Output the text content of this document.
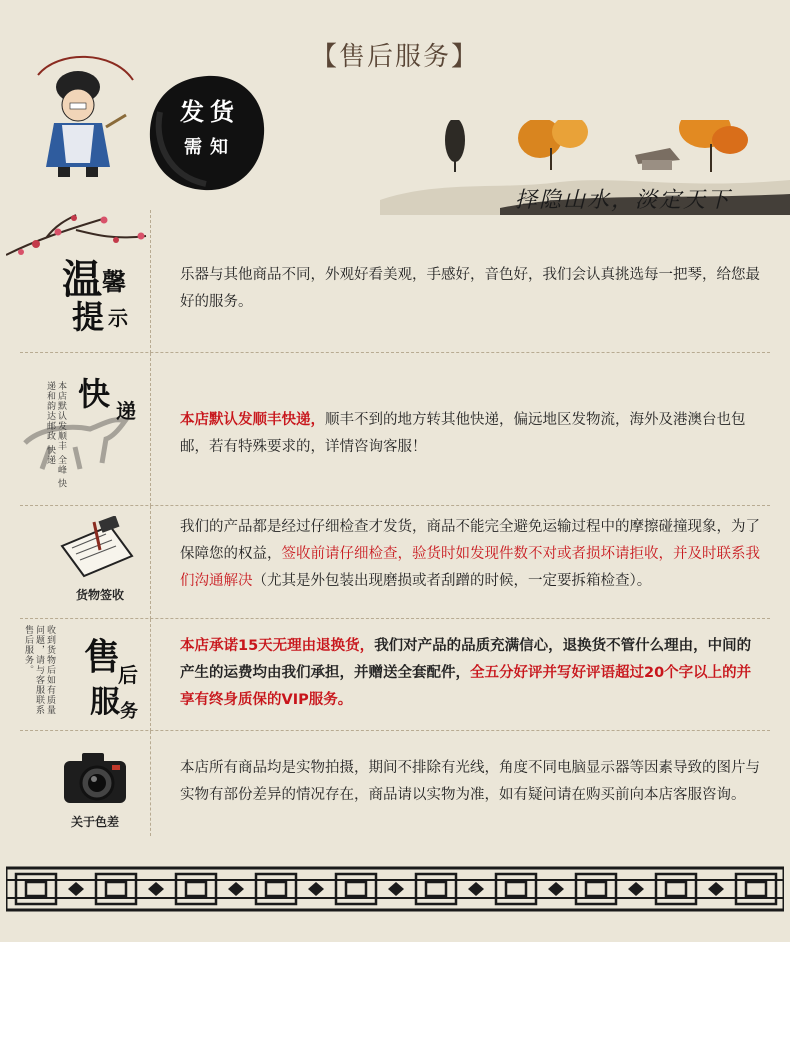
【售后服务】
发货
需知
择隐山水，淡定天下
温 馨
提 示

乐器与其他商品不同，外观好看美观，手感好，音色好，我们会认真挑选每一把琴，给您最好的服务。

快 递
本店默认发顺丰 全峰 快递和韵达邮政 快递	本店默认发顺丰快递，顺丰不到的地方转其他快递，偏远地区发物流，海外及港澳台也包邮，若有特殊要求的，详情咨询客服！

货物签收

我们的产品都是经过仔细检查才发货，商品不能完全避免运输过程中的摩擦碰撞现象，为了保障您的权益，签收前请仔细检查，验货时如发现件数不对或者损坏请拒收，并及时联系我们沟通解决（尤其是外包装出现磨损或者刮蹭的时候，一定要拆箱检查）。

收到货物后如有质量问题，请与客服联系售后服务。	售
后
服 务

本店承诺15天无理由退换货，我们对产品的品质充满信心，退换货不管什么理由，中间的产生的运费均由我们承担，并赠送全套配件，全五分好评并写好评语超过20个字以上的并享有终身质保的VIP服务。

关于色差

本店所有商品均是实物拍摄，期间不排除有光线，角度不同电脑显示器等因素导致的图片与实物有部份差异的情况存在，商品请以实物为准，如有疑问请在购买前向本店客服咨询。
